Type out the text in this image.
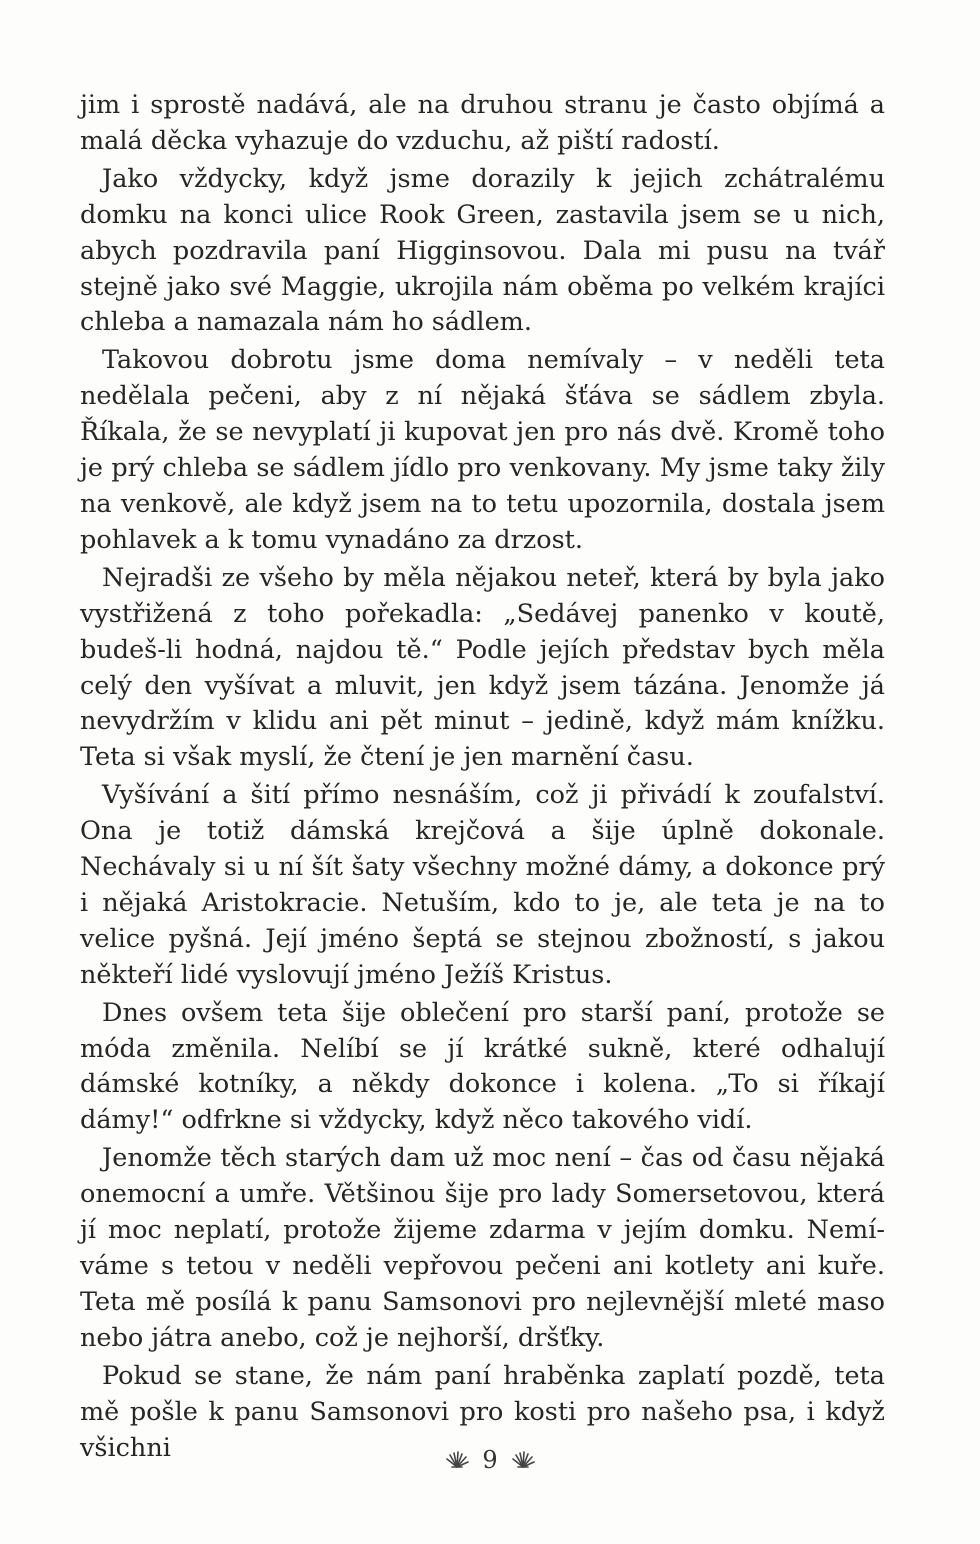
jim i sprostě nadává, ale na druhou stranu je často objímá a malá děcka vyhazuje do vzduchu, až piští radostí.

Jako vždycky, když jsme dorazily k jejich zchátralému domku na konci ulice Rook Green, zastavila jsem se u nich, abych pozdravila paní Higginsovou. Dala mi pusu na tvář stejně jako své Maggie, ukrojila nám oběma po velkém krajíci chleba a namazala nám ho sádlem.

Takovou dobrotu jsme doma nemívaly – v neděli teta nedělala pečeni, aby z ní nějaká šťáva se sádlem zbyla. Říkala, že se nevyplatí ji kupovat jen pro nás dvě. Kromě toho je prý chleba se sádlem jídlo pro venkovany. My jsme taky žily na venkově, ale když jsem na to tetu upozornila, dostala jsem pohlavek a k tomu vynadáno za drzost.

Nejradši ze všeho by měla nějakou neteř, která by byla jako vystřižená z toho pořekadla: „Sedávej panenko v koutě, budeš-li hodná, najdou tě.“ Podle jejích představ bych měla celý den vyšívat a mluvit, jen když jsem tázána. Jenomže já nevydržím v klidu ani pět minut – jedině, když mám knížku. Teta si však myslí, že čtení je jen marnění času.

Vyšívání a šití přímo nesnáším, což ji přivádí k zoufalství. Ona je totiž dámská krejčová a šije úplně dokonale. Nechávaly si u ní šít šaty všechny možné dámy, a dokonce prý i nějaká Aristokracie. Netuším, kdo to je, ale teta je na to velice pyšná. Její jméno šeptá se stejnou zbožností, s jakou někteří lidé vyslovují jméno Ježíš Kristus.

Dnes ovšem teta šije oblečení pro starší paní, protože se móda změnila. Nelíbí se jí krátké sukně, které odhalují dámské kotníky, a někdy dokonce i kolena. „To si říkají dámy!“ odfrkne si vždycky, když něco takového vidí.

Jenomže těch starých dam už moc není – čas od času nějaká onemocní a umře. Většinou šije pro lady Somersetovou, která jí moc neplatí, protože žijeme zdarma v jejím domku. Nemíváme s tetou v neděli vepřovou pečeni ani kotlety ani kuře. Teta mě posílá k panu Samsonovi pro nejlevnější mleté maso nebo játra anebo, což je nejhorší, dršťky.

Pokud se stane, že nám paní hraběnka zaplatí pozdě, teta mě pošle k panu Samsonovi pro kosti pro našeho psa, i když všichni	9
